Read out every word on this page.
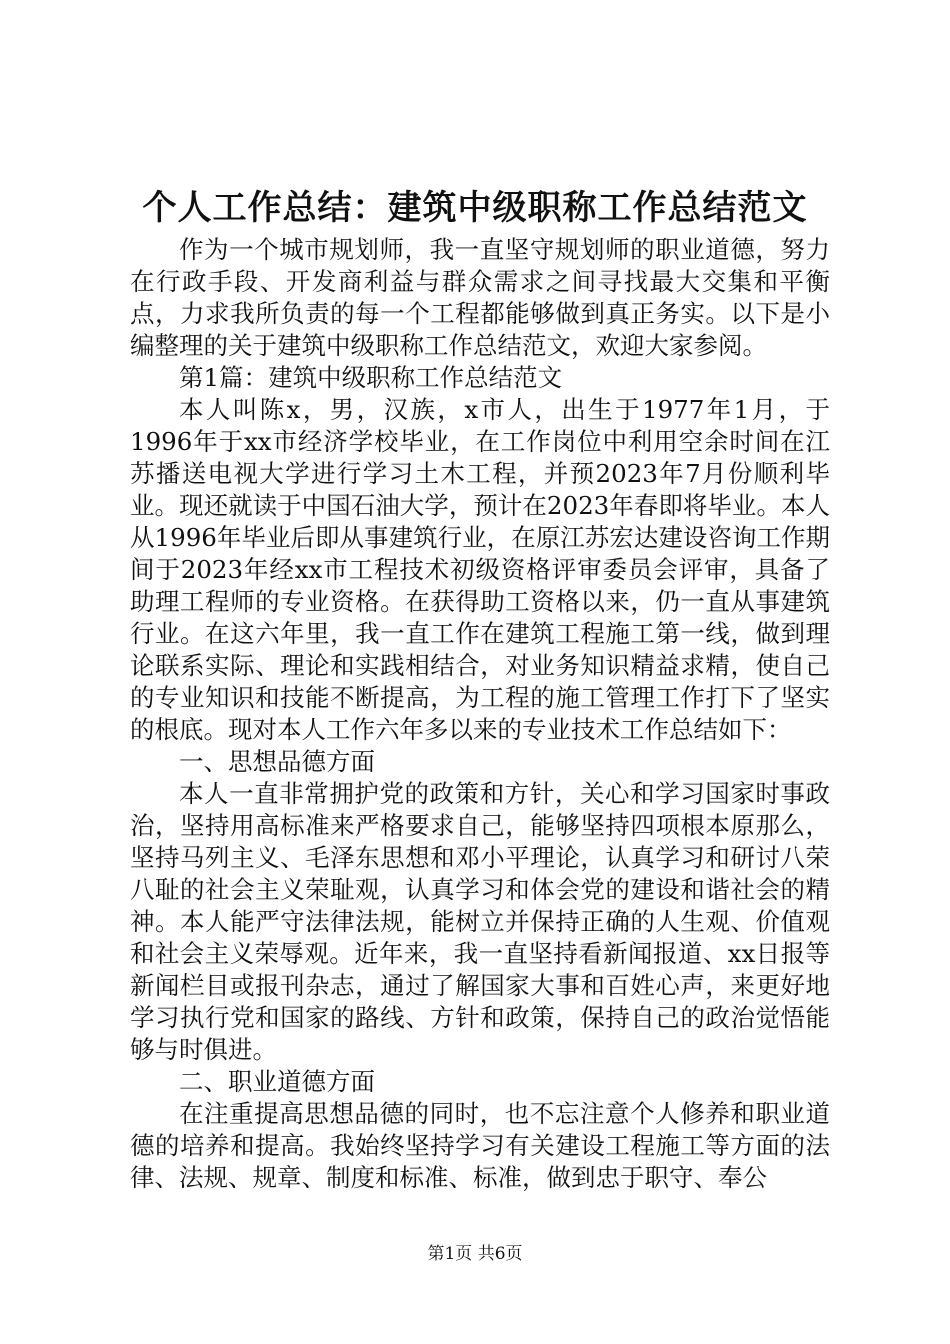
个人工作总结：建筑中级职称工作总结范文

作为一个城市规划师，我一直坚守规划师的职业道德，努力在行政手段、开发商利益与群众需求之间寻找最大交集和平衡点，力求我所负责的每一个工程都能够做到真正务实。以下是小编整理的关于建筑中级职称工作总结范文，欢迎大家参阅。

第1篇：建筑中级职称工作总结范文

本人叫陈x，男，汉族，x市人，出生于1977年1月，于1996年于xx市经济学校毕业，在工作岗位中利用空余时间在江苏播送电视大学进行学习土木工程，并预2023年7月份顺利毕业。现还就读于中国石油大学，预计在2023年春即将毕业。本人从1996年毕业后即从事建筑行业，在原江苏宏达建设咨询工作期间于2023年经xx市工程技术初级资格评审委员会评审，具备了助理工程师的专业资格。在获得助工资格以来，仍一直从事建筑行业。在这六年里，我一直工作在建筑工程施工第一线，做到理论联系实际、理论和实践相结合，对业务知识精益求精，使自己的专业知识和技能不断提高，为工程的施工管理工作打下了坚实的根底。现对本人工作六年多以来的专业技术工作总结如下：

一、思想品德方面

本人一直非常拥护党的政策和方针，关心和学习国家时事政治，坚持用高标准来严格要求自己，能够坚持四项根本原那么，坚持马列主义、毛泽东思想和邓小平理论，认真学习和研讨八荣八耻的社会主义荣耻观，认真学习和体会党的建设和谐社会的精神。本人能严守法律法规，能树立并保持正确的人生观、价值观和社会主义荣辱观。近年来，我一直坚持看新闻报道、xx日报等新闻栏目或报刊杂志，通过了解国家大事和百姓心声，来更好地学习执行党和国家的路线、方针和政策，保持自己的政治觉悟能够与时俱进。

二、职业道德方面

在注重提高思想品德的同时，也不忘注意个人修养和职业道德的培养和提高。我始终坚持学习有关建设工程施工等方面的法律、法规、规章、制度和标准、标准，做到忠于职守、奉公

第1页 共6页
